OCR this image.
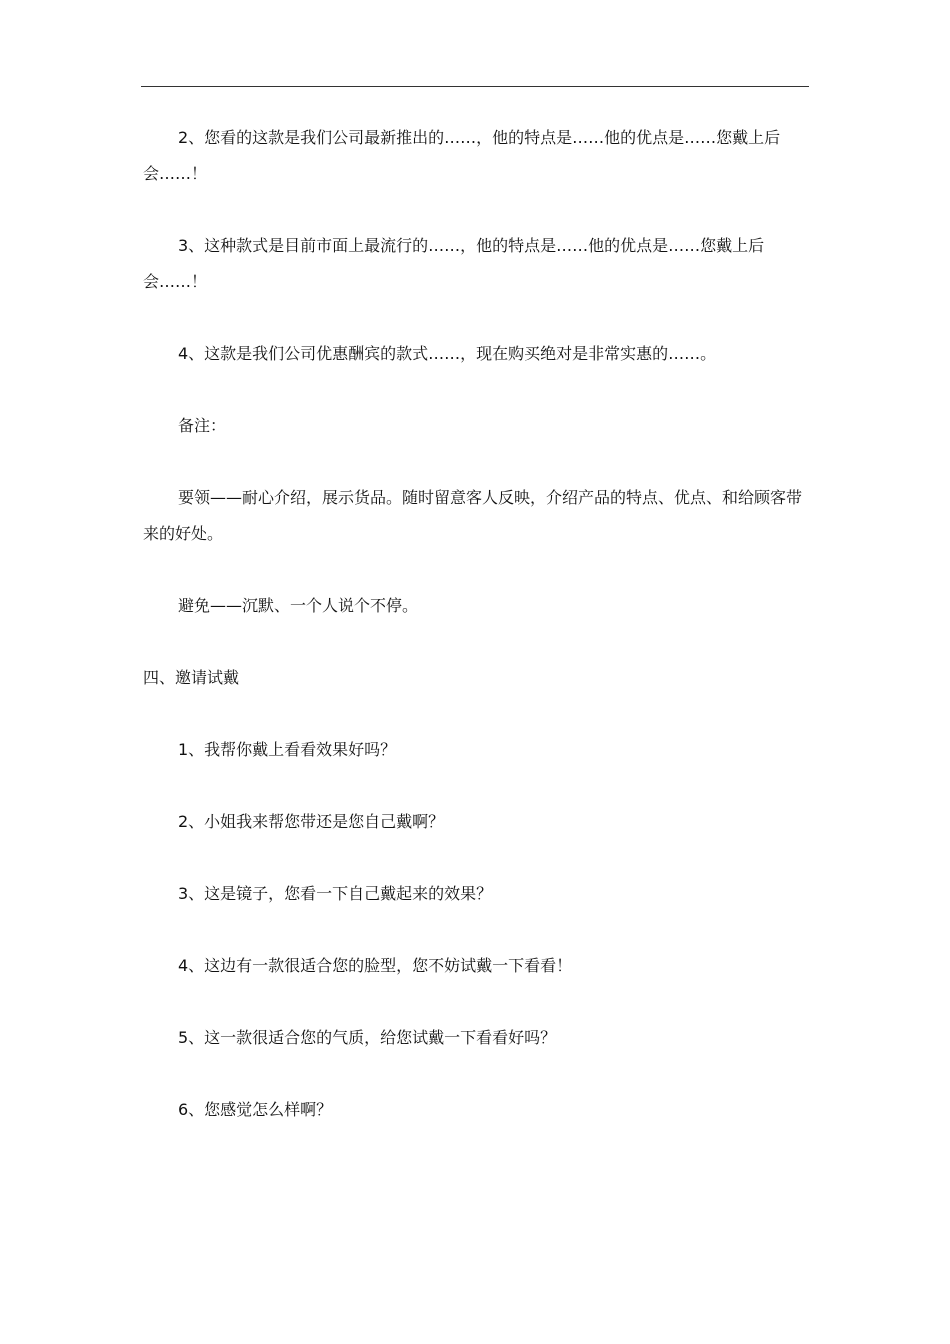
2、您看的这款是我们公司最新推出的……，他的特点是……他的优点是……您戴上后会……！

3、这种款式是目前市面上最流行的……，他的特点是……他的优点是……您戴上后会……！

4、这款是我们公司优惠酬宾的款式……，现在购买绝对是非常实惠的……。

备注：

要领——耐心介绍，展示货品。随时留意客人反映，介绍产品的特点、优点、和给顾客带来的好处。

避免——沉默、一个人说个不停。

四、邀请试戴

1、我帮你戴上看看效果好吗？

2、小姐我来帮您带还是您自己戴啊？

3、这是镜子，您看一下自己戴起来的效果？

4、这边有一款很适合您的脸型，您不妨试戴一下看看！

5、这一款很适合您的气质，给您试戴一下看看好吗？

6、您感觉怎么样啊？
